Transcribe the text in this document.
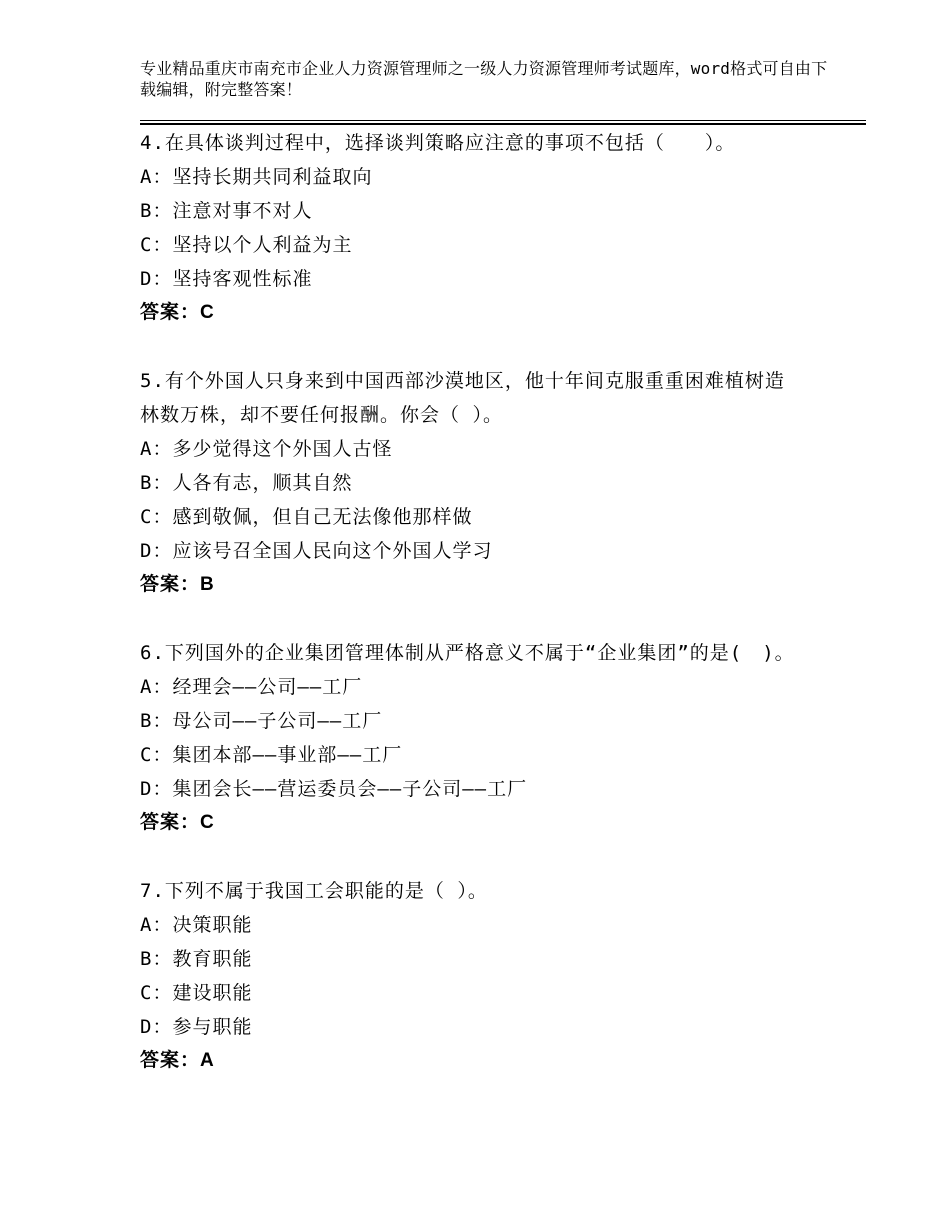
专业精品重庆市南充市企业人力资源管理师之一级人力资源管理师考试题库，word格式可自由下载编辑，附完整答案！
4.在具体谈判过程中，选择谈判策略应注意的事项不包括（　　）。
A：坚持长期共同利益取向
B：注意对事不对人
C：坚持以个人利益为主
D：坚持客观性标准
答案：C
5.有个外国人只身来到中国西部沙漠地区，他十年间克服重重困难植树造林数万株，却不要任何报酬。你会（ ）。
A：多少觉得这个外国人古怪
B：人各有志，顺其自然
C：感到敬佩，但自己无法像他那样做
D：应该号召全国人民向这个外国人学习
答案：B
6.下列国外的企业集团管理体制从严格意义不属于“企业集团”的是(　)。
A：经理会——公司——工厂
B：母公司——子公司——工厂
C：集团本部——事业部——工厂
D：集团会长——营运委员会——子公司——工厂
答案：C
7.下列不属于我国工会职能的是（ ）。
A：决策职能
B：教育职能
C：建设职能
D：参与职能
答案：A
